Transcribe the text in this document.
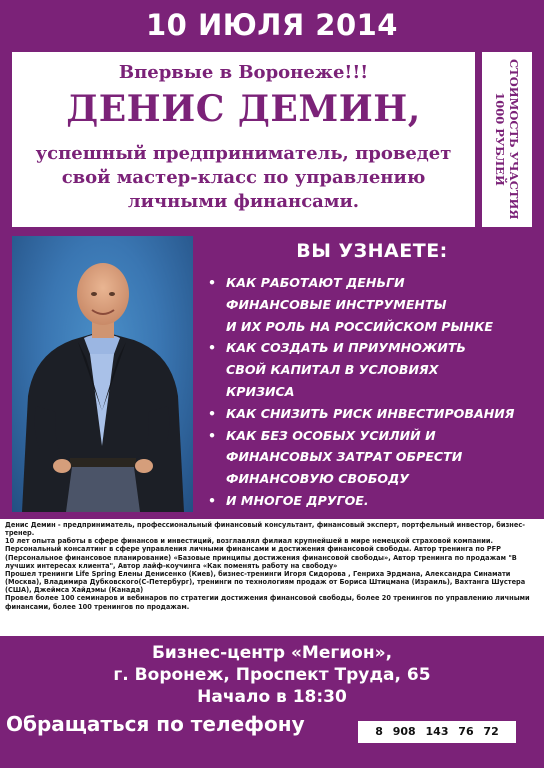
10 ИЮЛЯ 2014
Впервые в Воронеже!!!
ДЕНИС ДЕМИН,
успешный предприниматель, проведет свой мастер-класс по управлению личными финансами.	СТОИМОСТЬ УЧАСТИЯ
1000 РУБЛЕЙ
ВЫ УЗНАЕТЕ:
• КАК РАБОТАЮТ ДЕНЬГИ
ФИНАНСОВЫЕ ИНСТРУМЕНТЫ
И ИХ РОЛЬ НА РОССИЙСКОМ РЫНКЕ
• КАК СОЗДАТЬ И ПРИУМНОЖИТЬ
СВОЙ КАПИТАЛ В УСЛОВИЯХ
КРИЗИСА
• КАК СНИЗИТЬ РИСК ИНВЕСТИРОВАНИЯ
• КАК БЕЗ ОСОБЫХ УСИЛИЙ И
ФИНАНСОВЫХ ЗАТРАТ ОБРЕСТИ
ФИНАНСОВУЮ СВОБОДУ
• И МНОГОЕ ДРУГОЕ.

Денис Демин - предприниматель, профессиональный финансовый консультант, финансовый эксперт, портфельный инвестор, бизнес-тренер.

10 лет опыта работы в сфере финансов и инвестиций, возглавлял филиал крупнейшей в мире немецкой страховой компании.

Персональный консалтинг в сфере управления личными финансами и достижения финансовой свободы. Автор тренинга по PFP (Персональное финансовое планирование) «Базовые принципы достижения финансовой свободы», Автор тренинга по продажам "В лучших интересах клиента", Автор лайф-коучинга «Как поменять работу на свободу»

Прошел тренинги Life Spring Елены Денисенко (Киев), бизнес-тренинги Игоря Сидорова , Генриха Эрдмана, Александра Синамати (Москва), Владимира Дубковского(С-Петербург), тренинги по технологиям продаж от Бориса Штицмана (Израиль), Вахтанга Шустера (США), Джеймса Хайдэмы (Канада)

Провел более 100 семинаров и вебинаров по стратегии достижения финансовой свободы, более 20 тренингов по управлению личными финансами, более 100 тренингов по продажам.

Бизнес-центр «Мегион»,
г. Воронеж, Проспект Труда, 65
Начало в 18:30
Обращаться по телефону	8 908 143 76 72
